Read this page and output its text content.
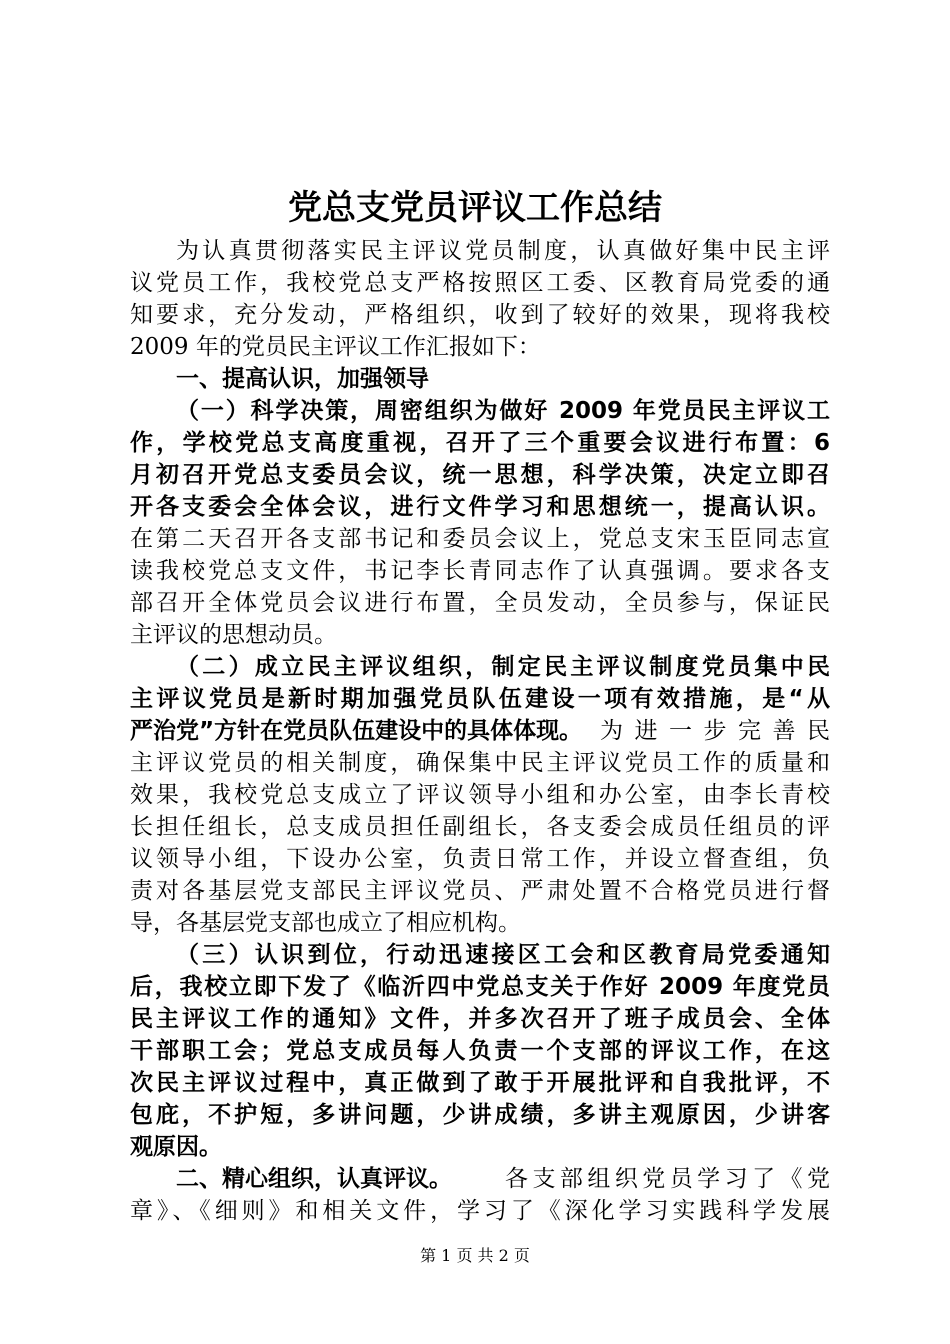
党总支党员评议工作总结

为认真贯彻落实民主评议党员制度，认真做好集中民主评

议党员工作，我校党总支严格按照区工委、区教育局党委的通

知要求，充分发动，严格组织，收到了较好的效果，现将我校

2009 年的党员民主评议工作汇报如下：

一、提高认识，加强领导

（一）科学决策，周密组织为做好 2009 年党员民主评议工

作，学校党总支高度重视，召开了三个重要会议进行布置：6

月初召开党总支委员会议，统一思想，科学决策，决定立即召

开各支委会全体会议，进行文件学习和思想统一，提高认识。

在第二天召开各支部书记和委员会议上，党总支宋玉臣同志宣

读我校党总支文件，书记李长青同志作了认真强调。要求各支

部召开全体党员会议进行布置，全员发动，全员参与，保证民

主评议的思想动员。

（二）成立民主评议组织，制定民主评议制度党员集中民

主评议党员是新时期加强党员队伍建设一项有效措施，是“从

严治党”方针在党员队伍建设中的具体体现。 为进一步完善民

主评议党员的相关制度，确保集中民主评议党员工作的质量和

效果，我校党总支成立了评议领导小组和办公室，由李长青校

长担任组长，总支成员担任副组长，各支委会成员任组员的评

议领导小组，下设办公室，负责日常工作，并设立督查组，负

责对各基层党支部民主评议党员、严肃处置不合格党员进行督

导，各基层党支部也成立了相应机构。

（三）认识到位，行动迅速接区工会和区教育局党委通知

后，我校立即下发了《临沂四中党总支关于作好 2009 年度党员

民主评议工作的通知》文件，并多次召开了班子成员会、全体

干部职工会；党总支成员每人负责一个支部的评议工作，在这

次民主评议过程中，真正做到了敢于开展批评和自我批评，不

包庇，不护短，多讲问题，少讲成绩，多讲主观原因，少讲客

观原因。

二、精心组织，认真评议。	各支部组织党员学习了《党

章》、《细则》和相关文件，学习了《深化学习实践科学发展

第 1 页 共 2 页
